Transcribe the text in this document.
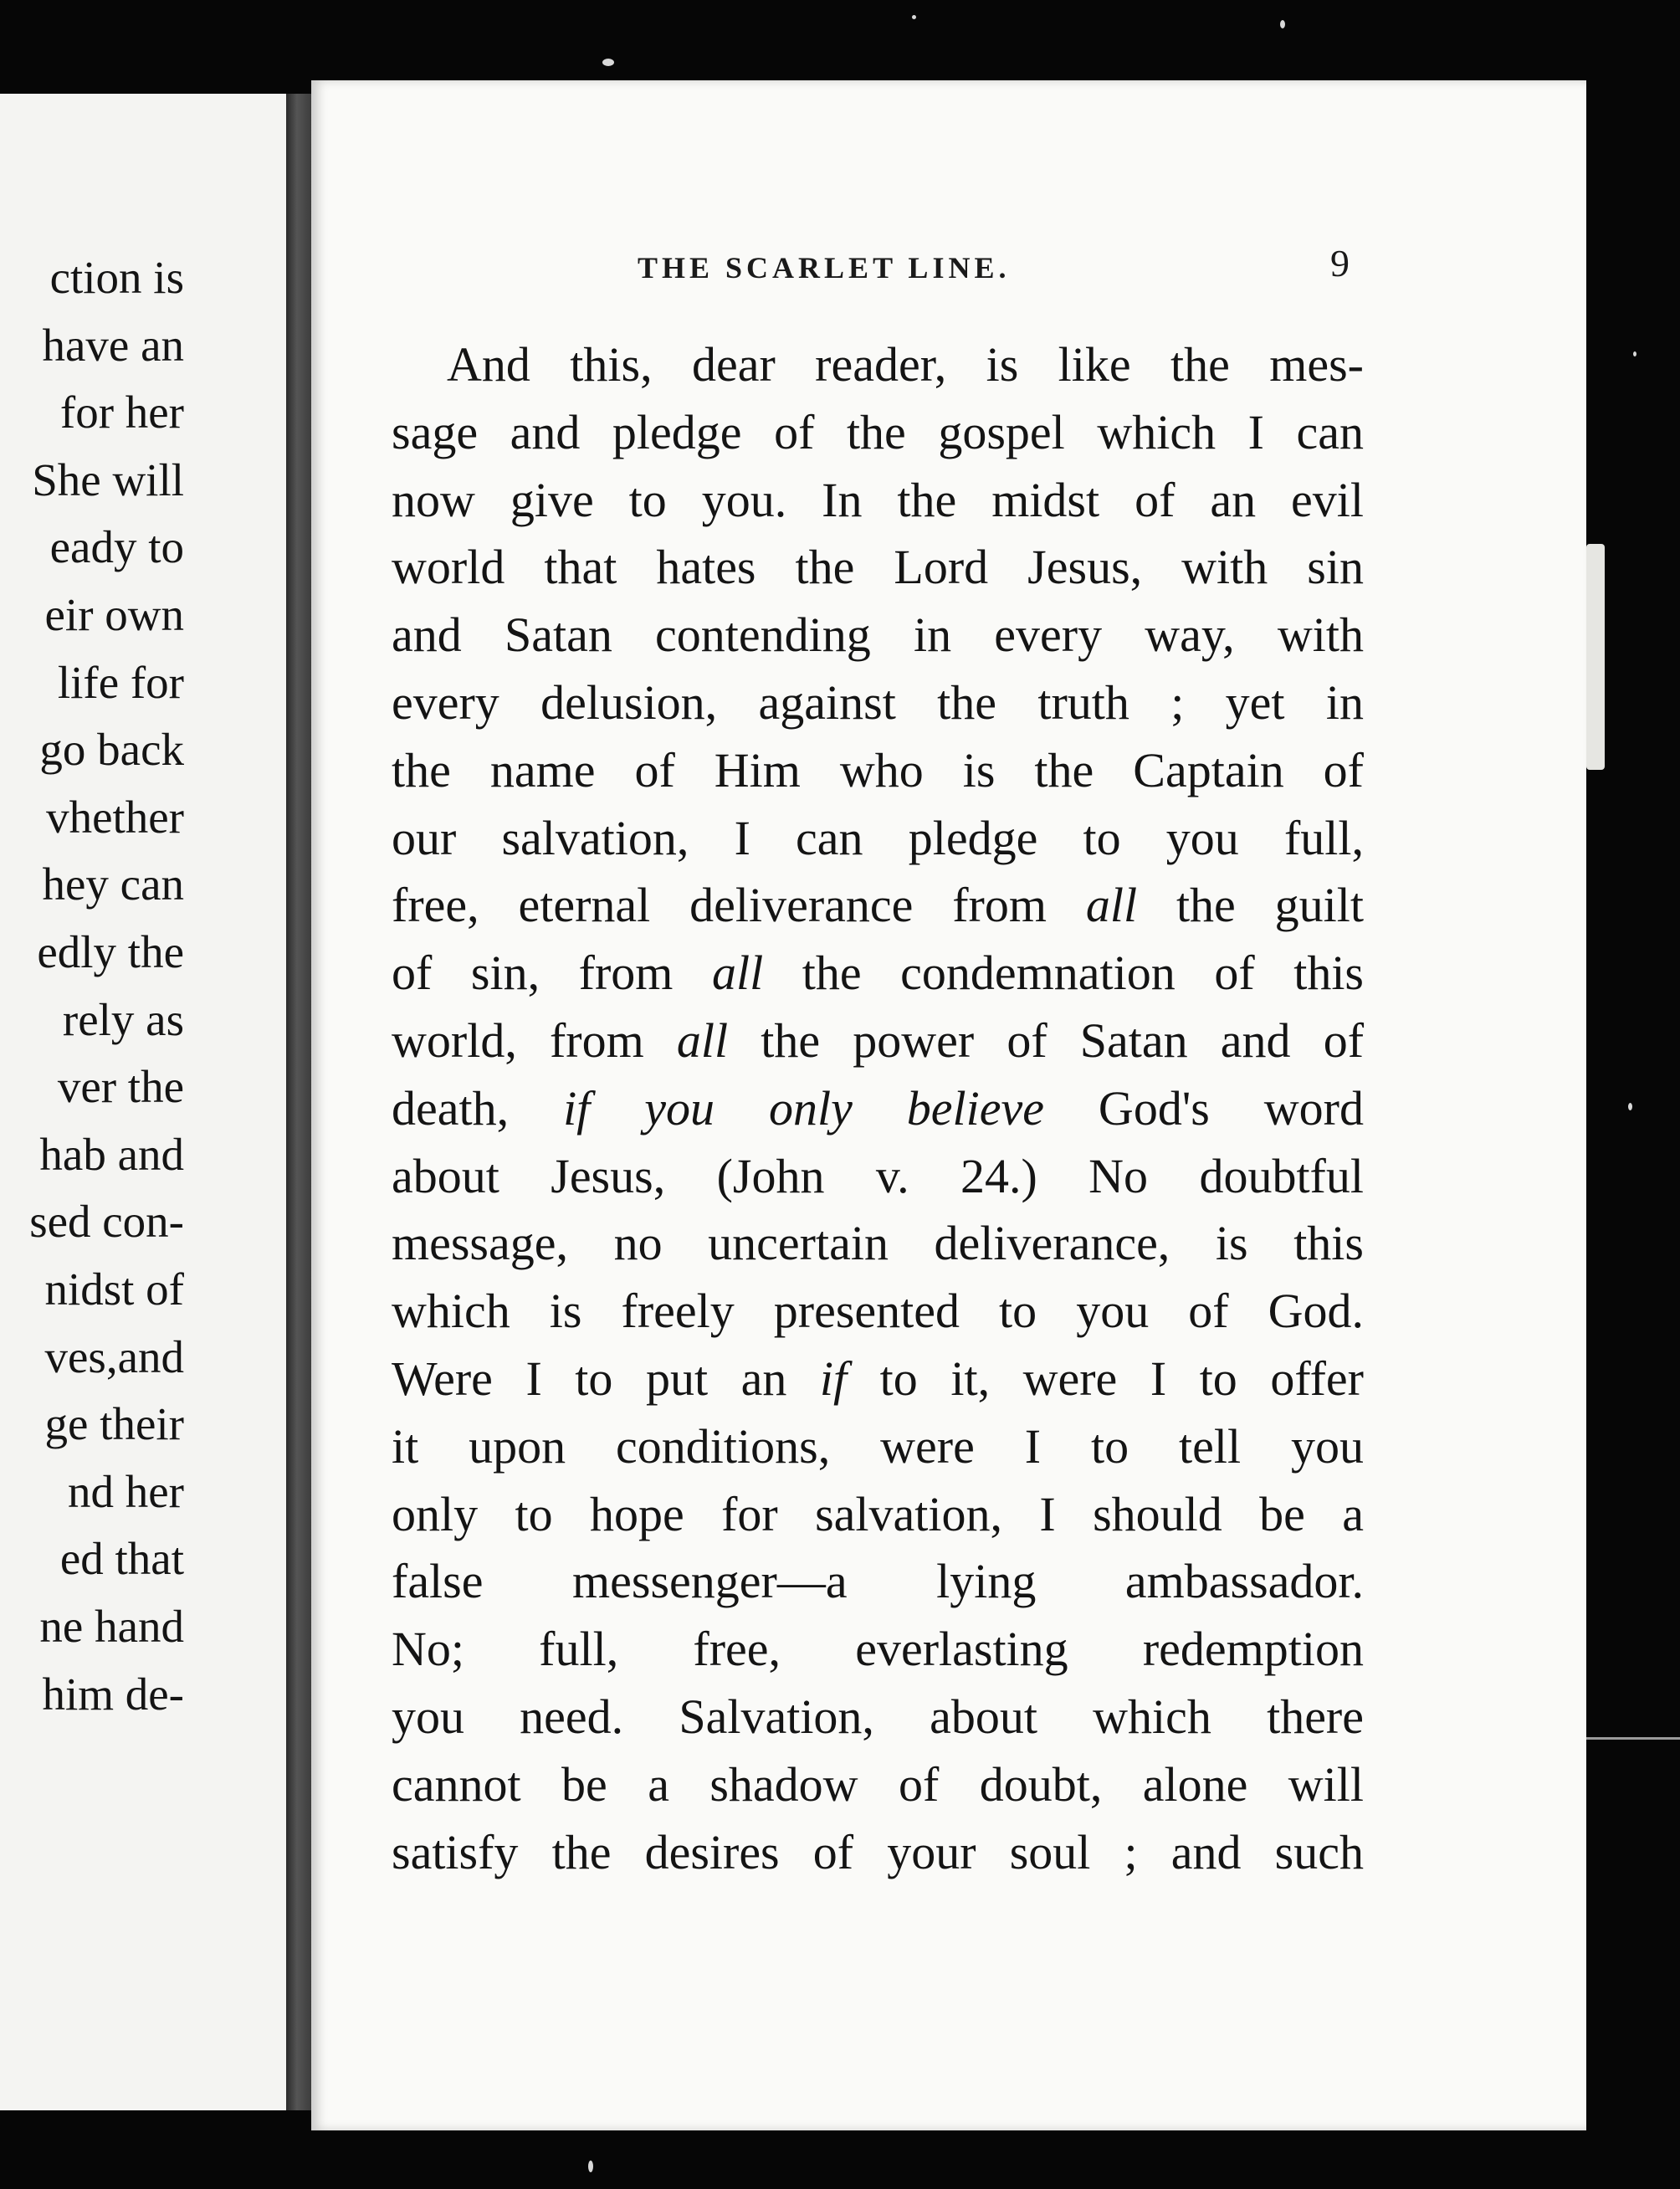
ction is
have an
for her
She will
eady to
eir own
life for
go back
vhether
hey can
edly the
rely as
ver the
hab and
sed con-
nidst of
ves,and
ge their
nd her
ed that
ne hand
him de-
THE SCARLET LINE.	9
And this, dear reader, is like the mes-
sage and pledge of the gospel which I can
now give to you. In the midst of an evil
world that hates the Lord Jesus, with sin
and Satan contending in every way, with
every delusion, against the truth ; yet in
the name of Him who is the Captain of
our salvation, I can pledge to you full,
free, eternal deliverance from all the guilt
of sin, from all the condemnation of this
world, from all the power of Satan and of
death, if you only believe God's word
about Jesus, (John v. 24.) No doubtful
message, no uncertain deliverance, is this
which is freely presented to you of God.
Were I to put an if to it, were I to offer
it upon conditions, were I to tell you
only to hope for salvation, I should be a
false messenger—a lying ambassador.
No; full, free, everlasting redemption
you need. Salvation, about which there
cannot be a shadow of doubt, alone will
satisfy the desires of your soul ; and such
